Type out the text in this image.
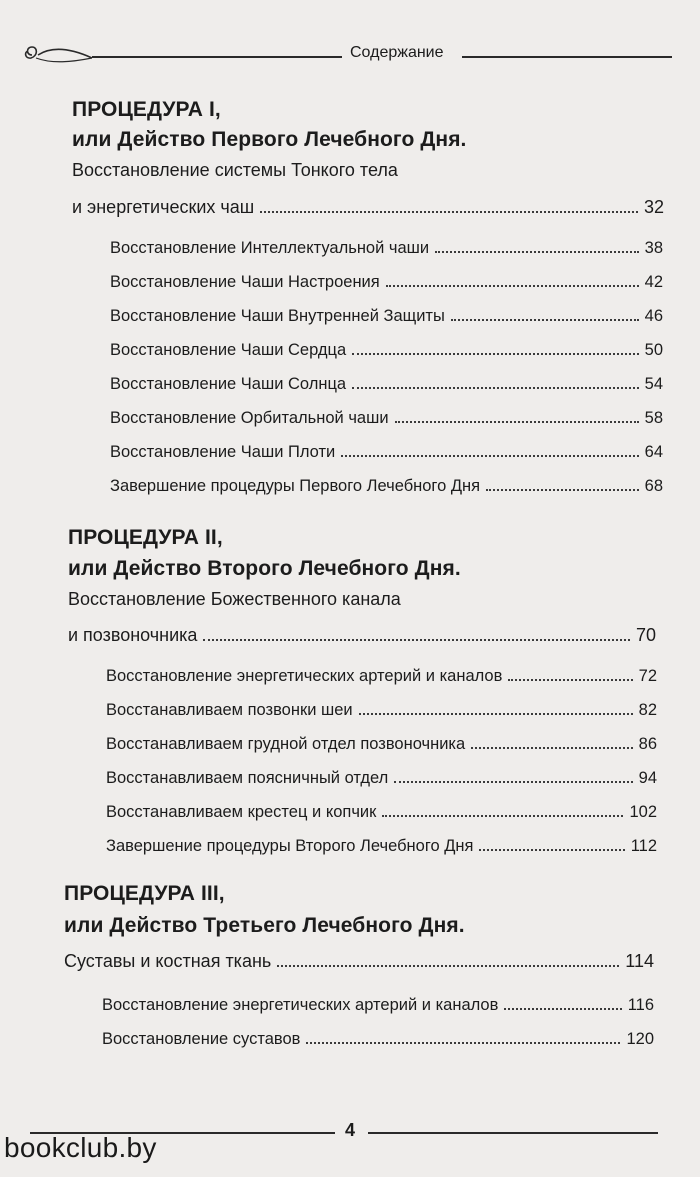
Содержание
ПРОЦЕДУРА I,
или Действо Первого Лечебного Дня.
Восстановление системы Тонкого тела
и энергетических чаш	32
Восстановление Интеллектуальной чаши	38
Восстановление Чаши Настроения	42
Восстановление Чаши Внутренней Защиты	46
Восстановление Чаши Сердца	50
Восстановление Чаши Солнца	54
Восстановление Орбитальной чаши	58
Восстановление Чаши Плоти	64
Завершение процедуры Первого Лечебного Дня	68
ПРОЦЕДУРА II,
или Действо Второго Лечебного Дня.
Восстановление Божественного канала
и позвоночника	70
Восстановление энергетических артерий и каналов	72
Восстанавливаем позвонки шеи	82
Восстанавливаем грудной отдел позвоночника	86
Восстанавливаем поясничный отдел	94
Восстанавливаем крестец и копчик	102
Завершение процедуры Второго Лечебного Дня	112
ПРОЦЕДУРА III,
или Действо Третьего Лечебного Дня.
Суставы и костная ткань	114
Восстановление энергетических артерий и каналов	116
Восстановление суставов	120
4
bookclub.by
